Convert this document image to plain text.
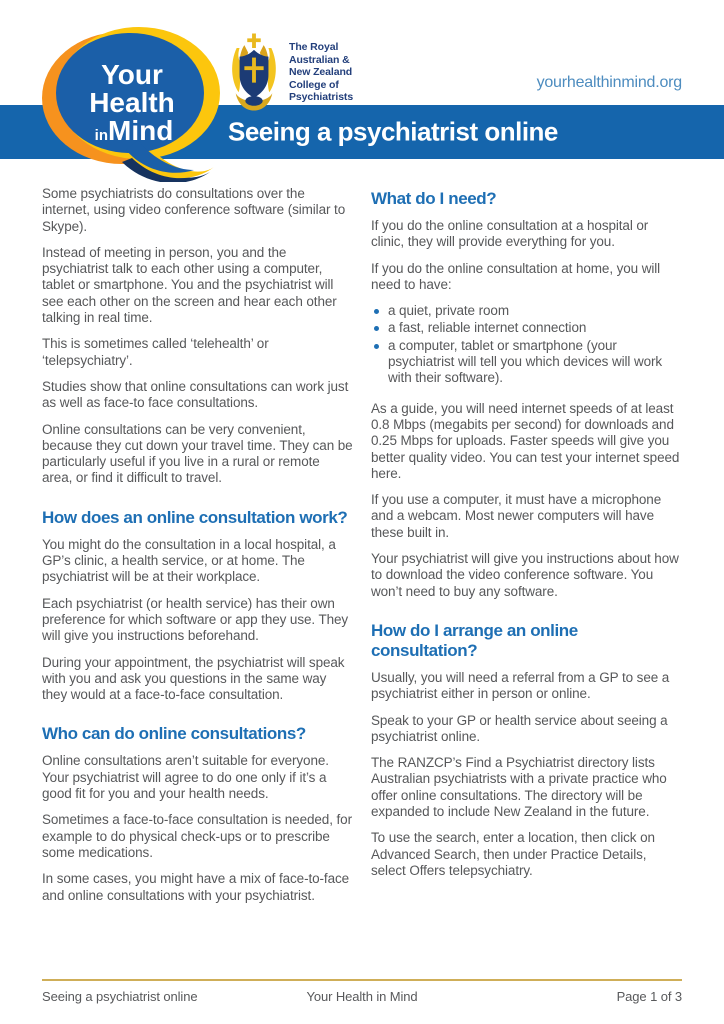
Seeing a psychiatrist online
Your
Health
inMind
The Royal
Australian &
New Zealand
College of
Psychiatrists
yourhealthinmind.org

Some psychiatrists do consultations over the internet, using video conference software (similar to Skype).

Instead of meeting in person, you and the psychiatrist talk to each other using a computer, tablet or smartphone. You and the psychiatrist will see each other on the screen and hear each other talking in real time.

This is sometimes called ‘telehealth’ or ‘telepsychiatry’.

Studies show that online consultations can work just as well as face-to face consultations.

Online consultations can be very convenient, because they cut down your travel time. They can be particularly useful if you live in a rural or remote area, or find it difficult to travel.

How does an online consultation work?

You might do the consultation in a local hospital, a GP’s clinic, a health service, or at home. The psychiatrist will be at their workplace.

Each psychiatrist (or health service) has their own preference for which software or app they use. They will give you instructions beforehand.

During your appointment, the psychiatrist will speak with you and ask you questions in the same way they would at a face-to-face consultation.

Who can do online consultations?

Online consultations aren’t suitable for everyone. Your psychiatrist will agree to do one only if it’s a good fit for you and your health needs.

Sometimes a face-to-face consultation is needed, for example to do physical check-ups or to prescribe some medications.

In some cases, you might have a mix of face-to-face and online consultations with your psychiatrist.

What do I need?

If you do the online consultation at a hospital or clinic, they will provide everything for you.

If you do the online consultation at home, you will need to have:

a quiet, private room
a fast, reliable internet connection
a computer, tablet or smartphone (your psychiatrist will tell you which devices will work with their software).

As a guide, you will need internet speeds of at least 0.8 Mbps (megabits per second) for downloads and 0.25 Mbps for uploads. Faster speeds will give you better quality video. You can test your internet speed here.

If you use a computer, it must have a microphone and a webcam. Most newer computers will have these built in.

Your psychiatrist will give you instructions about how to download the video conference software. You won’t need to buy any software.

How do I arrange an online consultation?

Usually, you will need a referral from a GP to see a psychiatrist either in person or online.

Speak to your GP or health service about seeing a psychiatrist online.

The RANZCP’s Find a Psychiatrist directory lists Australian psychiatrists with a private practice who offer online consultations. The directory will be expanded to include New Zealand in the future.

To use the search, enter a location, then click on Advanced Search, then under Practice Details, select Offers telepsychiatry.

Seeing a psychiatrist online	Your Health in Mind	Page 1 of 3
